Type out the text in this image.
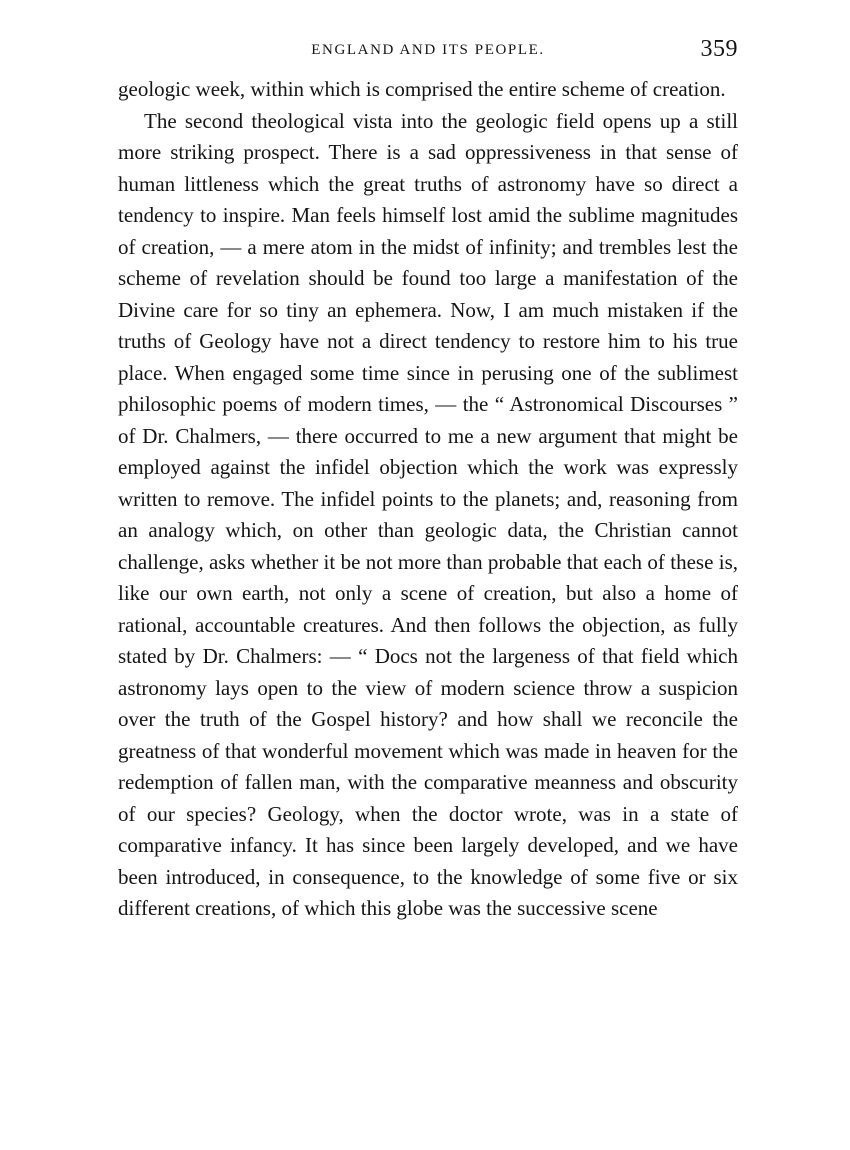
ENGLAND AND ITS PEOPLE.	359

geologic week, within which is comprised the entire scheme of creation.

The second theological vista into the geologic field opens up a still more striking prospect. There is a sad oppressiveness in that sense of human littleness which the great truths of astronomy have so direct a tendency to inspire. Man feels himself lost amid the sublime magnitudes of creation, — a mere atom in the midst of infinity; and trembles lest the scheme of revelation should be found too large a manifestation of the Divine care for so tiny an ephemera. Now, I am much mistaken if the truths of Geology have not a direct tendency to restore him to his true place. When engaged some time since in perusing one of the sublimest philosophic poems of modern times, — the “ Astronomical Discourses ” of Dr. Chalmers, — there occurred to me a new argument that might be employed against the infidel objection which the work was expressly written to remove. The infidel points to the planets; and, reasoning from an analogy which, on other than geologic data, the Christian cannot challenge, asks whether it be not more than probable that each of these is, like our own earth, not only a scene of creation, but also a home of rational, accountable creatures. And then follows the objection, as fully stated by Dr. Chalmers: — “ Docs not the largeness of that field which astronomy lays open to the view of modern science throw a suspicion over the truth of the Gospel history? and how shall we reconcile the greatness of that wonderful movement which was made in heaven for the redemption of fallen man, with the comparative meanness and obscurity of our species? Geology, when the doctor wrote, was in a state of comparative infancy. It has since been largely developed, and we have been introduced, in consequence, to the knowledge of some five or six different creations, of which this globe was the successive scene
